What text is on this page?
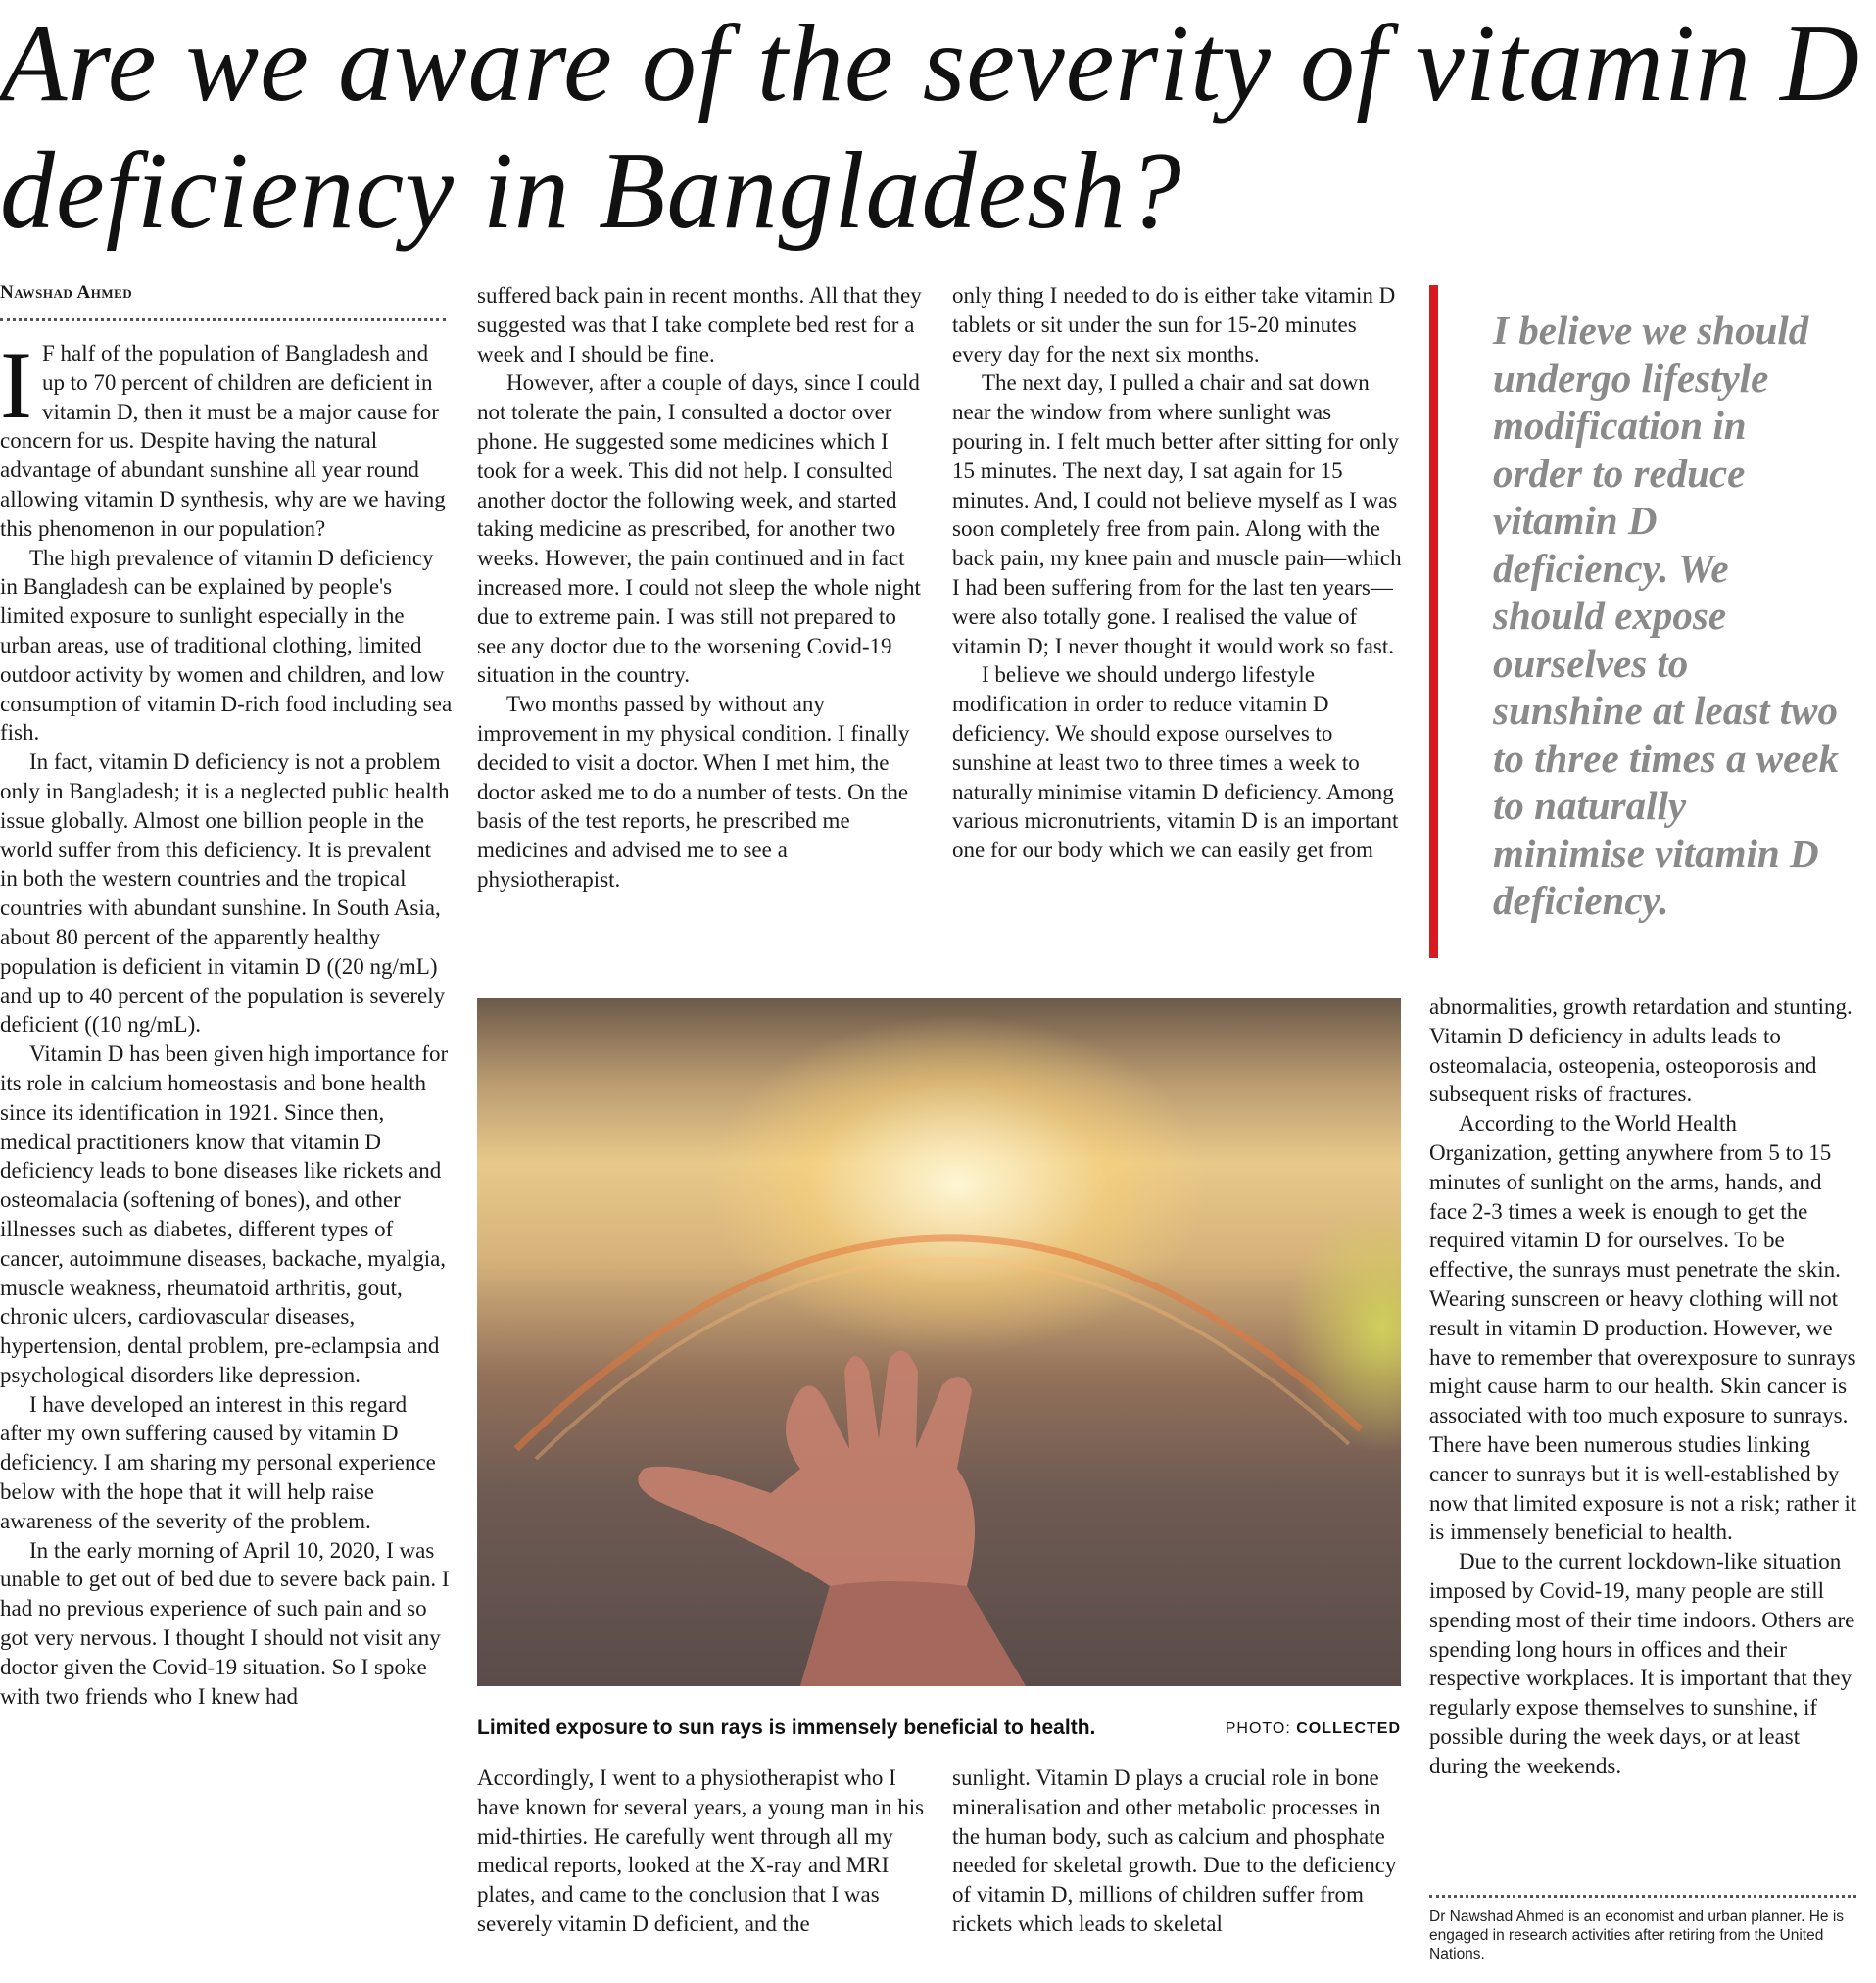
Are we aware of the severity of vitamin D deficiency in Bangladesh?
Nawshad Ahmed

I F half of the population of Bangladesh and up to 70 percent of children are deficient in vitamin D, then it must be a major cause for concern for us. Despite having the natural advantage of abundant sunshine all year round allowing vitamin D synthesis, why are we having this phenomenon in our population?

The high prevalence of vitamin D deficiency in Bangladesh can be explained by people's limited exposure to sunlight especially in the urban areas, use of traditional clothing, limited outdoor activity by women and children, and low consumption of vitamin D-rich food including sea fish.

In fact, vitamin D deficiency is not a problem only in Bangladesh; it is a neglected public health issue globally. Almost one billion people in the world suffer from this deficiency. It is prevalent in both the western countries and the tropical countries with abundant sunshine. In South Asia, about 80 percent of the apparently healthy population is deficient in vitamin D ((20 ng/mL) and up to 40 percent of the population is severely deficient ((10 ng/mL).

Vitamin D has been given high importance for its role in calcium homeostasis and bone health since its identification in 1921. Since then, medical practitioners know that vitamin D deficiency leads to bone diseases like rickets and osteomalacia (softening of bones), and other illnesses such as diabetes, different types of cancer, autoimmune diseases, backache, myalgia, muscle weakness, rheumatoid arthritis, gout, chronic ulcers, cardiovascular diseases, hypertension, dental problem, pre-eclampsia and psychological disorders like depression.

I have developed an interest in this regard after my own suffering caused by vitamin D deficiency. I am sharing my personal experience below with the hope that it will help raise awareness of the severity of the problem.

In the early morning of April 10, 2020, I was unable to get out of bed due to severe back pain. I had no previous experience of such pain and so got very nervous. I thought I should not visit any doctor given the Covid-19 situation. So I spoke with two friends who I knew had

suffered back pain in recent months. All that they suggested was that I take complete bed rest for a week and I should be fine.

However, after a couple of days, since I could not tolerate the pain, I consulted a doctor over phone. He suggested some medicines which I took for a week. This did not help. I consulted another doctor the following week, and started taking medicine as prescribed, for another two weeks. However, the pain continued and in fact increased more. I could not sleep the whole night due to extreme pain. I was still not prepared to see any doctor due to the worsening Covid-19 situation in the country.

Two months passed by without any improvement in my physical condition. I finally decided to visit a doctor. When I met him, the doctor asked me to do a number of tests. On the basis of the test reports, he prescribed me medicines and advised me to see a physiotherapist.

only thing I needed to do is either take vitamin D tablets or sit under the sun for 15-20 minutes every day for the next six months.

The next day, I pulled a chair and sat down near the window from where sunlight was pouring in. I felt much better after sitting for only 15 minutes. The next day, I sat again for 15 minutes. And, I could not believe myself as I was soon completely free from pain. Along with the back pain, my knee pain and muscle pain—which I had been suffering from for the last ten years—were also totally gone. I realised the value of vitamin D; I never thought it would work so fast.

I believe we should undergo lifestyle modification in order to reduce vitamin D deficiency. We should expose ourselves to sunshine at least two to three times a week to naturally minimise vitamin D deficiency. Among various micronutrients, vitamin D is an important one for our body which we can easily get from

I believe we should undergo lifestyle modification in order to reduce vitamin D deficiency. We should expose ourselves to sunshine at least two to three times a week to naturally minimise vitamin D deficiency.

Limited exposure to sun rays is immensely beneficial to health.	PHOTO: COLLECTED

Accordingly, I went to a physiotherapist who I have known for several years, a young man in his mid-thirties. He carefully went through all my medical reports, looked at the X-ray and MRI plates, and came to the conclusion that I was severely vitamin D deficient, and the

sunlight. Vitamin D plays a crucial role in bone mineralisation and other metabolic processes in the human body, such as calcium and phosphate needed for skeletal growth. Due to the deficiency of vitamin D, millions of children suffer from rickets which leads to skeletal

abnormalities, growth retardation and stunting. Vitamin D deficiency in adults leads to osteomalacia, osteopenia, osteoporosis and subsequent risks of fractures.

According to the World Health Organization, getting anywhere from 5 to 15 minutes of sunlight on the arms, hands, and face 2-3 times a week is enough to get the required vitamin D for ourselves. To be effective, the sunrays must penetrate the skin. Wearing sunscreen or heavy clothing will not result in vitamin D production. However, we have to remember that overexposure to sunrays might cause harm to our health. Skin cancer is associated with too much exposure to sunrays. There have been numerous studies linking cancer to sunrays but it is well-established by now that limited exposure is not a risk; rather it is immensely beneficial to health.

Due to the current lockdown-like situation imposed by Covid-19, many people are still spending most of their time indoors. Others are spending long hours in offices and their respective workplaces. It is important that they regularly expose themselves to sunshine, if possible during the week days, or at least during the weekends.

Dr Nawshad Ahmed is an economist and urban planner. He is engaged in research activities after retiring from the United Nations.
